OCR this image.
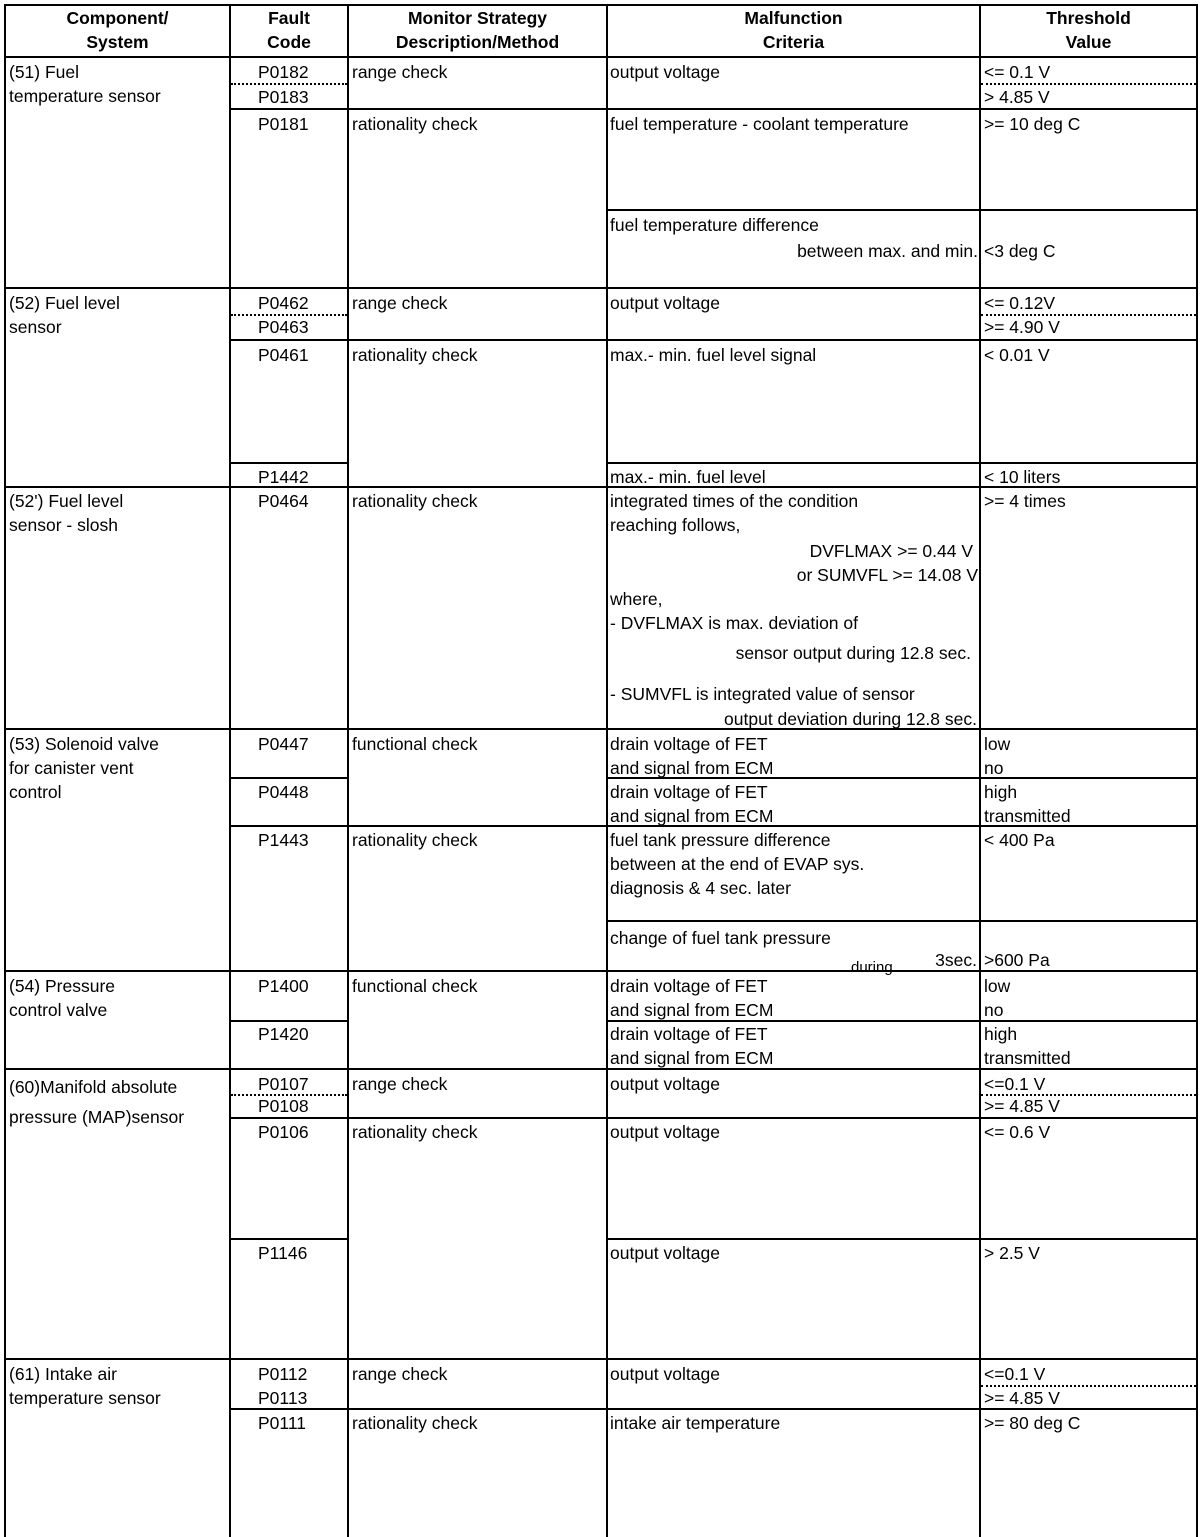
Component/
System
Fault
Code
Monitor Strategy
Description/Method
Malfunction
Criteria
Threshold
Value
(51) Fuel
temperature sensor
P0182
P0183
P0181
range check
rationality check
output voltage
fuel temperature - coolant temperature
fuel temperature difference
between max. and min.
<= 0.1 V
> 4.85 V
>= 10 deg C
<3 deg C
(52) Fuel level
sensor
P0462
P0463
P0461
P1442
range check
rationality check
output voltage
max.- min. fuel level signal
max.- min. fuel level
<= 0.12V
>= 4.90 V
< 0.01 V
< 10 liters
(52') Fuel level
sensor - slosh
P0464 rationality check	integrated times of the condition
reaching follows,
DVFLMAX >= 0.44 V
or SUMVFL >= 14.08 V
where,
- DVFLMAX is max. deviation of
sensor output during 12.8 sec.
- SUMVFL is integrated value of sensor
output deviation during 12.8 sec.
>= 4 times
(53) Solenoid valve
for canister vent
control
P0447
P0448
P1443
functional check
rationality check
drain voltage of FET
and signal from ECM
drain voltage of FET
and signal from ECM
fuel tank pressure difference
between at the end of EVAP sys.
diagnosis & 4 sec. later
change of fuel tank pressure
3sec.
during
low
no
high
transmitted
< 400 Pa
>600 Pa
(54) Pressure
control valve
P1400
P1420
functional check	drain voltage of FET
and signal from ECM
drain voltage of FET
and signal from ECM
low
no
high
transmitted
(60)Manifold absolute
pressure (MAP)sensor
P0107
P0108
P0106
P1146
range check
rationality check
output voltage
output voltage
output voltage
<=0.1 V
>= 4.85 V
<= 0.6 V
> 2.5 V
(61) Intake air
temperature sensor
P0112
P0113
P0111
range check
rationality check
output voltage
intake air temperature
<=0.1 V
>= 4.85 V
>= 80 deg C
